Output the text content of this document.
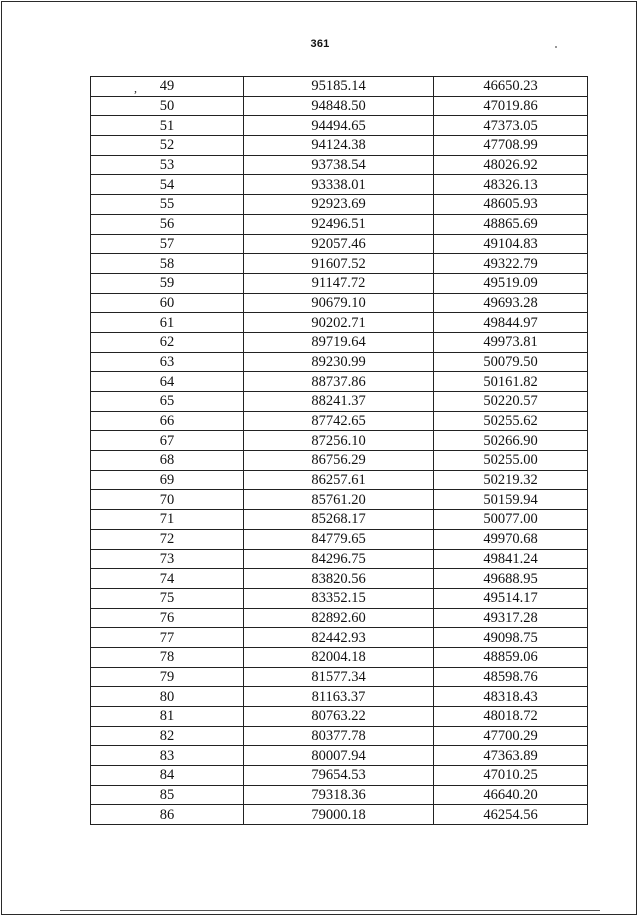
361
, 49	95185.14	46650.23
50	94848.50	47019.86
51	94494.65	47373.05
52	94124.38	47708.99
53	93738.54	48026.92
54	93338.01	48326.13
55	92923.69	48605.93
56	92496.51	48865.69
57	92057.46	49104.83
58	91607.52	49322.79
59	91147.72	49519.09
60	90679.10	49693.28
61	90202.71	49844.97
62	89719.64	49973.81
63	89230.99	50079.50
64	88737.86	50161.82
65	88241.37	50220.57
66	87742.65	50255.62
67	87256.10	50266.90
68	86756.29	50255.00
69	86257.61	50219.32
70	85761.20	50159.94
71	85268.17	50077.00
72	84779.65	49970.68
73	84296.75	49841.24
74	83820.56	49688.95
75	83352.15	49514.17
76	82892.60	49317.28
77	82442.93	49098.75
78	82004.18	48859.06
79	81577.34	48598.76
80	81163.37	48318.43
81	80763.22	48018.72
82	80377.78	47700.29
83	80007.94	47363.89
84	79654.53	47010.25
85	79318.36	46640.20
86	79000.18	46254.56
